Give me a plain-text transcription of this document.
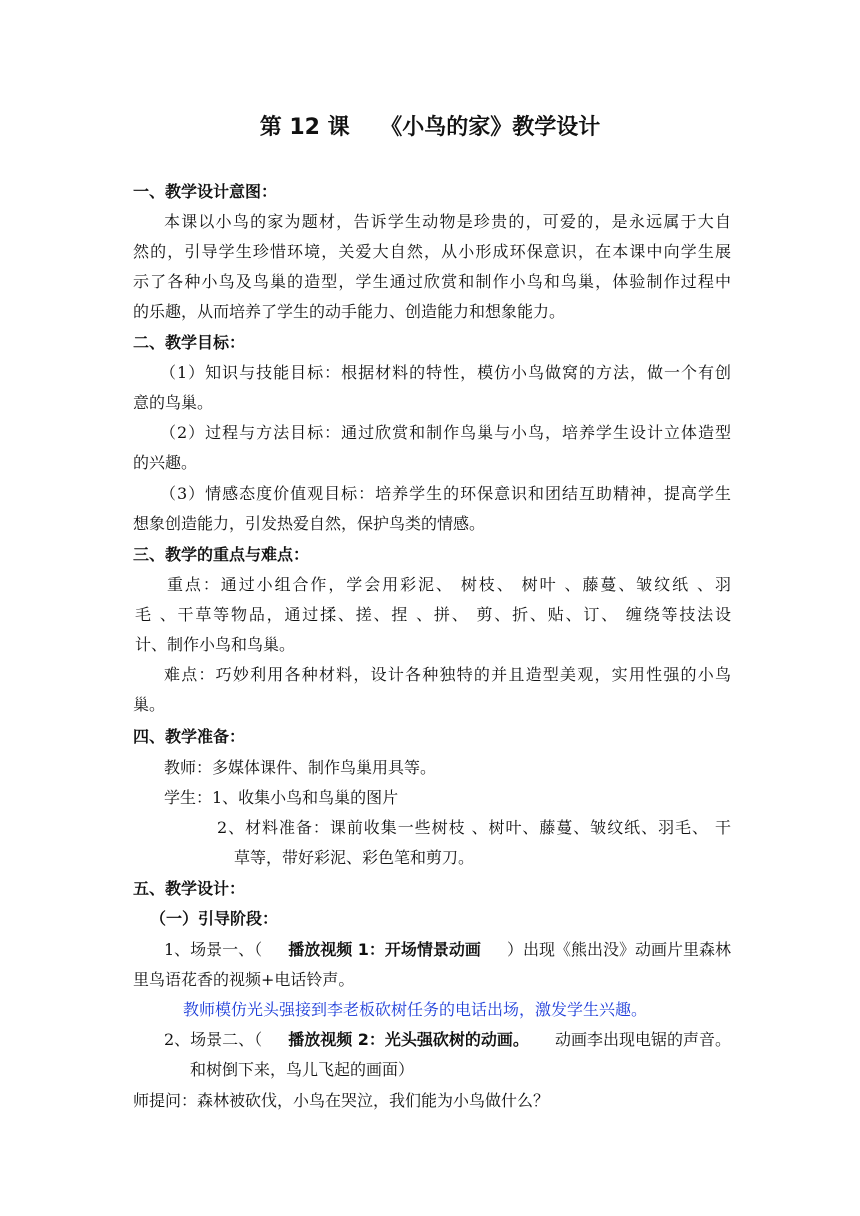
第 12 课    《小鸟的家》教学设计
一、教学设计意图：
本课以小鸟的家为题材，告诉学生动物是珍贵的，可爱的，是永远属于大自
然的，引导学生珍惜环境，关爱大自然，从小形成环保意识，在本课中向学生展
示了各种小鸟及鸟巢的造型，学生通过欣赏和制作小鸟和鸟巢，体验制作过程中
的乐趣，从而培养了学生的动手能力、创造能力和想象能力。
二、教学目标：
（1）知识与技能目标：根据材料的特性，模仿小鸟做窝的方法，做一个有创
意的鸟巢。
（2）过程与方法目标：通过欣赏和制作鸟巢与小鸟，培养学生设计立体造型
的兴趣。
（3）情感态度价值观目标：培养学生的环保意识和团结互助精神，提高学生
想象创造能力，引发热爱自然，保护鸟类的情感。
三、教学的重点与难点：
重点：通过小组合作，学会用彩泥、 树枝、 树叶 、藤蔓、皱纹纸 、羽
毛 、干草等物品，通过揉、搓、捏 、拼、 剪、折、贴、订、 缠绕等技法设
计、制作小鸟和鸟巢。
难点：巧妙利用各种材料，设计各种独特的并且造型美观，实用性强的小鸟
巢。
四、教学准备：
教师：多媒体课件、制作鸟巢用具等。
学生：1、收集小鸟和鸟巢的图片
2、材料准备：课前收集一些树枝 、树叶、藤蔓、皱纹纸、羽毛、 干
草等，带好彩泥、彩色笔和剪刀。
五、教学设计：
（一）引导阶段：
1、场景一、（ 播放视频 1：开场情景动画 ）出现《熊出没》动画片里森林
里鸟语花香的视频+电话铃声。
教师模仿光头强接到李老板砍树任务的电话出场，激发学生兴趣。
2、场景二、（ 播放视频 2：光头强砍树的动画。 动画李出现电锯的声音。
和树倒下来，鸟儿飞起的画面）
师提问：森林被砍伐，小鸟在哭泣，我们能为小鸟做什么？
